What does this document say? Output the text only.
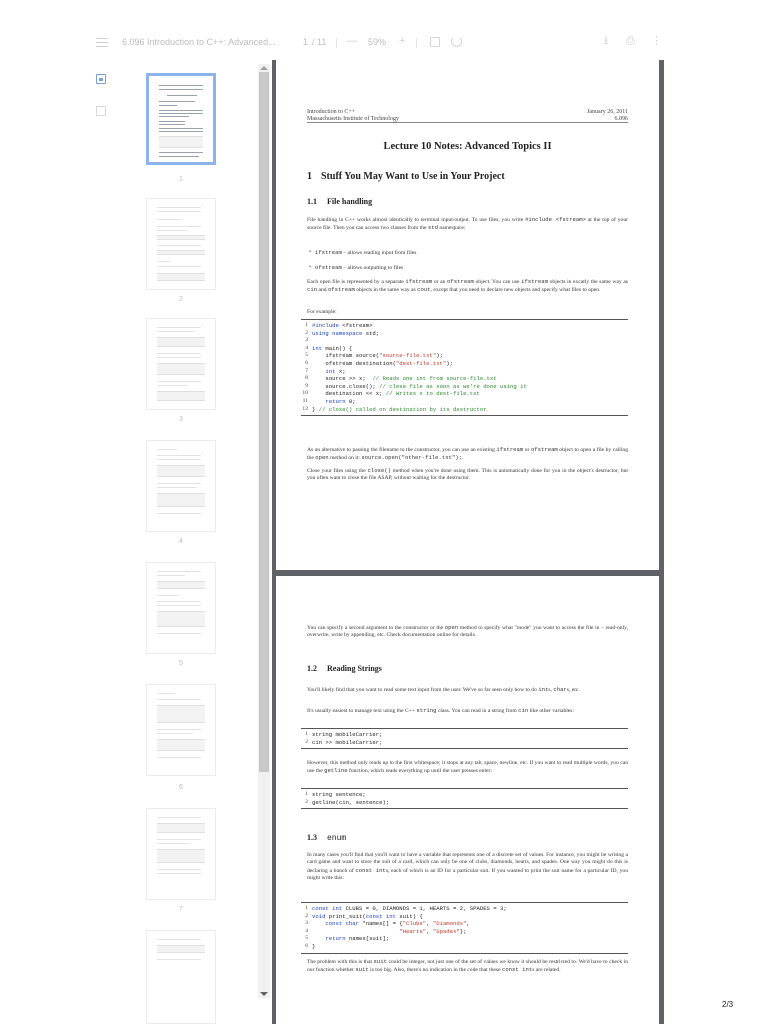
6.096 Introduction to C++: Advanced...	1 / 11 — 59% +	⭳ ⎙ ⋮
1
2
3
4
5
6
7
Introduction to C++	January 26, 2011
Massachusetts Institute of Technology	6.096
Lecture 10 Notes: Advanced Topics II
1 Stuff You May Want to Use in Your Project
1.1 File handling
File handling in C++ works almost identically to terminal input/output. To use files, you write #include <fstream> at the top of your source file. Then you can access two classes from the std namespace:
• ifstream – allows reading input from files
• ofstream – allows outputting to files
Each open file is represented by a separate ifstream or an ofstream object. You can use ifstream objects in excatly the same way as cin and ofstream objects in the same way as cout, except that you need to declare new objects and specify what files to open.
For example:
1 #include <fstream>
2 using namespace std;
3

4 int main() {
5 ifstream source("source-file.txt");
6 ofstream destination("dest-file.txt");
7 int x;
8 source >> x;  // Reads one int from source-file.txt
9 source.close(); // close file as soon as we're done using it
10 destination << x; // Writes x to dest-file.txt
11 return 0;
12 } // close() called on destination by its destructor
As an alternative to passing the filename to the constructor, you can use an existing ifstream or ofstream object to open a file by calling the open method on it: source.open("other-file.txt");.
Close your files using the close() method when you're done using them. This is automatically done for you in the object's destructor, but you often want to close the file ASAP, without waiting for the destructor.
You can specify a second argument to the constructor or the open method to specify what "mode" you want to access the file in – read-only, overwrite, write by appending, etc. Check documentation online for details.
1.2 Reading Strings
You'll likely find that you want to read some text input from the user. We've so far seen only how to do ints, chars, etc.
It's usually easiest to manage text using the C++ string class. You can read in a string from cin like other variables:
1 string mobileCarrier;
2 cin >> mobileCarrier;
However, this method only reads up to the first whitespace; it stops at any tab, space, newline, etc. If you want to read multiple words, you can use the getline function, which reads everything up until the user presses enter:
1 string sentence;
2 getline(cin, sentence);
1.3 enum
In many cases you'll find that you'll want to have a variable that represents one of a discrete set of values. For instance, you might be writing a card game and want to store the suit of a card, which can only be one of clubs, diamonds, hearts, and spades. One way you might do this is declaring a bunch of const ints, each of which is an ID for a particular suit. If you wanted to print the suit name for a particular ID, you might write this:
1 const int CLUBS = 0, DIAMONDS = 1, HEARTS = 2, SPADES = 3;
2 void print_suit(const int suit) {
3 const char *names[] = {"Clubs", "Diamonds",
4	"Hearts", "Spades"};
5 return names[suit];
6 }
The problem with this is that suit could be integer, not just one of the set of values we know it should be restricted to. We'd have to check in our function whether suit is too big. Also, there's no indication in the code that these const ints are related.
2/3
